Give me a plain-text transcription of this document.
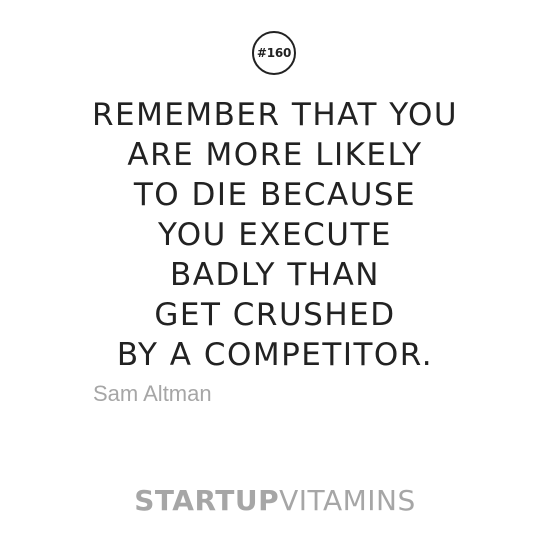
#160
REMEMBER THAT YOU
ARE MORE LIKELY
TO DIE BECAUSE
YOU EXECUTE
BADLY THAN
GET CRUSHED
BY A COMPETITOR.
Sam Altman
STARTUPVITAMINS
